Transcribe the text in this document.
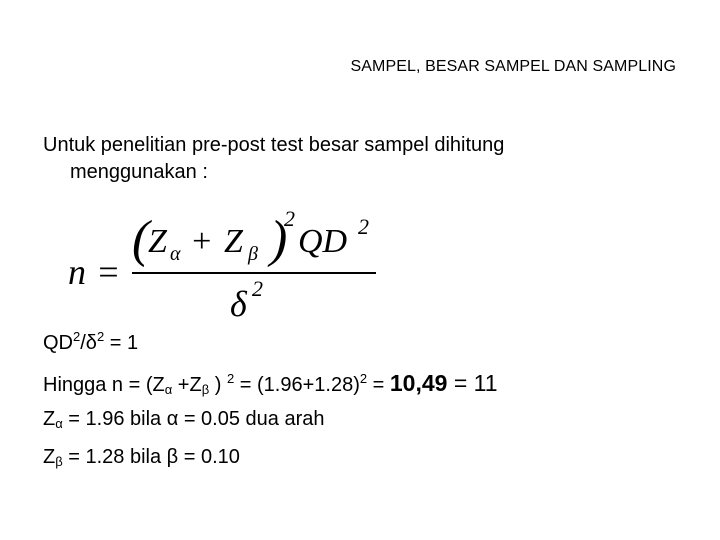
SAMPEL, BESAR SAMPEL DAN SAMPLING
Untuk penelitian pre-post test besar sampel dihitung
menggunakan :
n =
(
Z α + Z β )
2
QD 2
δ 2
$QD^2/\delta^2 = 1$
Hingga n = (Zα +Zβ ) $^2 = (1.96+1.28)^2 = 10,49 = 11$
Zα = 1.96 bila α = 0.05 dua arah
Zβ = 1.28 bila β = 0.10
